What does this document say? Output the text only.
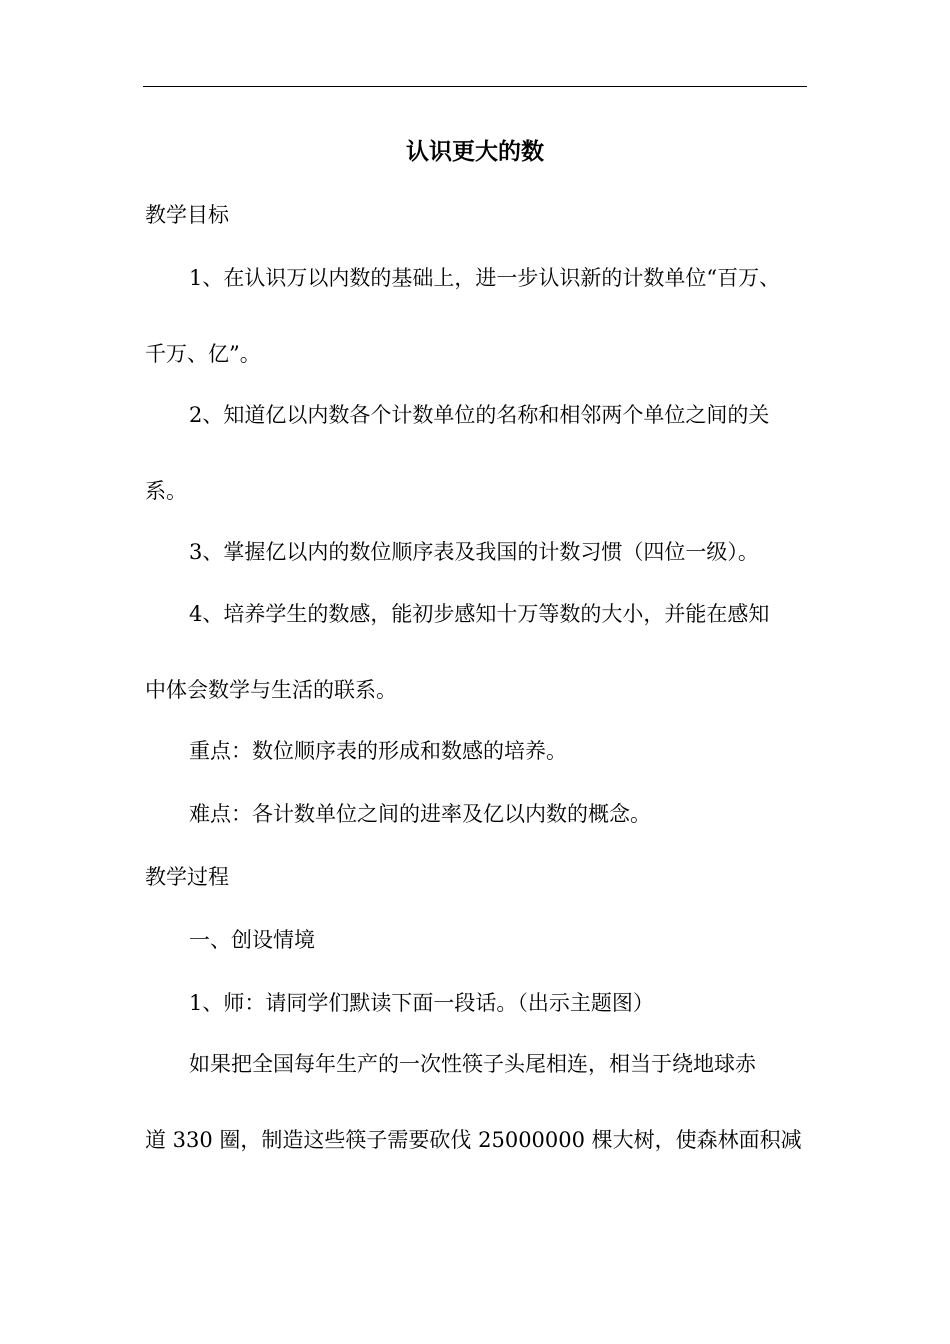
认识更大的数
教学目标
1、在认识万以内数的基础上，进一步认识新的计数单位“百万、
千万、亿”。
2、知道亿以内数各个计数单位的名称和相邻两个单位之间的关
系。
3、掌握亿以内的数位顺序表及我国的计数习惯（四位一级）。
4、培养学生的数感，能初步感知十万等数的大小，并能在感知
中体会数学与生活的联系。
重点：数位顺序表的形成和数感的培养。
难点：各计数单位之间的进率及亿以内数的概念。
教学过程
一、创设情境
1、师：请同学们默读下面一段话。（出示主题图）
如果把全国每年生产的一次性筷子头尾相连，相当于绕地球赤
道 330 圈，制造这些筷子需要砍伐 25000000 棵大树，使森林面积减
